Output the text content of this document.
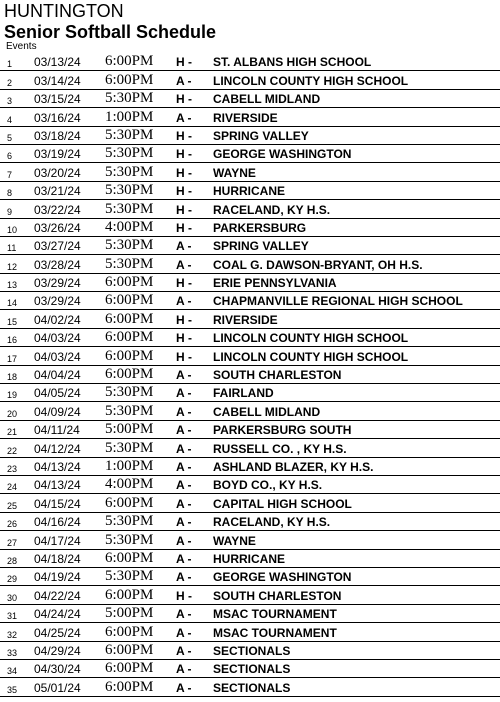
HUNTINGTON
Senior Softball Schedule
Events
1 03/13/24 6:00PM H - ST. ALBANS HIGH SCHOOL
2 03/14/24 6:00PM A - LINCOLN COUNTY HIGH SCHOOL
3 03/15/24 5:30PM H - CABELL MIDLAND
4 03/16/24 1:00PM A - RIVERSIDE
5 03/18/24 5:30PM H - SPRING VALLEY
6 03/19/24 5:30PM H - GEORGE WASHINGTON
7 03/20/24 5:30PM H - WAYNE
8 03/21/24 5:30PM H - HURRICANE
9 03/22/24 5:30PM H - RACELAND, KY H.S.
10 03/26/24 4:00PM H - PARKERSBURG
11 03/27/24 5:30PM A - SPRING VALLEY
12 03/28/24 5:30PM A - COAL G. DAWSON-BRYANT, OH H.S.
13 03/29/24 6:00PM H - ERIE PENNSYLVANIA
14 03/29/24 6:00PM A - CHAPMANVILLE REGIONAL HIGH SCHOOL
15 04/02/24 6:00PM H - RIVERSIDE
16 04/03/24 6:00PM H - LINCOLN COUNTY HIGH SCHOOL
17 04/03/24 6:00PM H - LINCOLN COUNTY HIGH SCHOOL
18 04/04/24 6:00PM A - SOUTH CHARLESTON
19 04/05/24 5:30PM A - FAIRLAND
20 04/09/24 5:30PM A - CABELL MIDLAND
21 04/11/24 5:00PM A - PARKERSBURG SOUTH
22 04/12/24 5:30PM A - RUSSELL CO. , KY H.S.
23 04/13/24 1:00PM A - ASHLAND BLAZER, KY H.S.
24 04/13/24 4:00PM A - BOYD CO., KY H.S.
25 04/15/24 6:00PM A - CAPITAL HIGH SCHOOL
26 04/16/24 5:30PM A - RACELAND, KY H.S.
27 04/17/24 5:30PM A - WAYNE
28 04/18/24 6:00PM A - HURRICANE
29 04/19/24 5:30PM A - GEORGE WASHINGTON
30 04/22/24 6:00PM H - SOUTH CHARLESTON
31 04/24/24 5:00PM A - MSAC TOURNAMENT
32 04/25/24 6:00PM A - MSAC TOURNAMENT
33 04/29/24 6:00PM A - SECTIONALS
34 04/30/24 6:00PM A - SECTIONALS
35 05/01/24 6:00PM A - SECTIONALS
